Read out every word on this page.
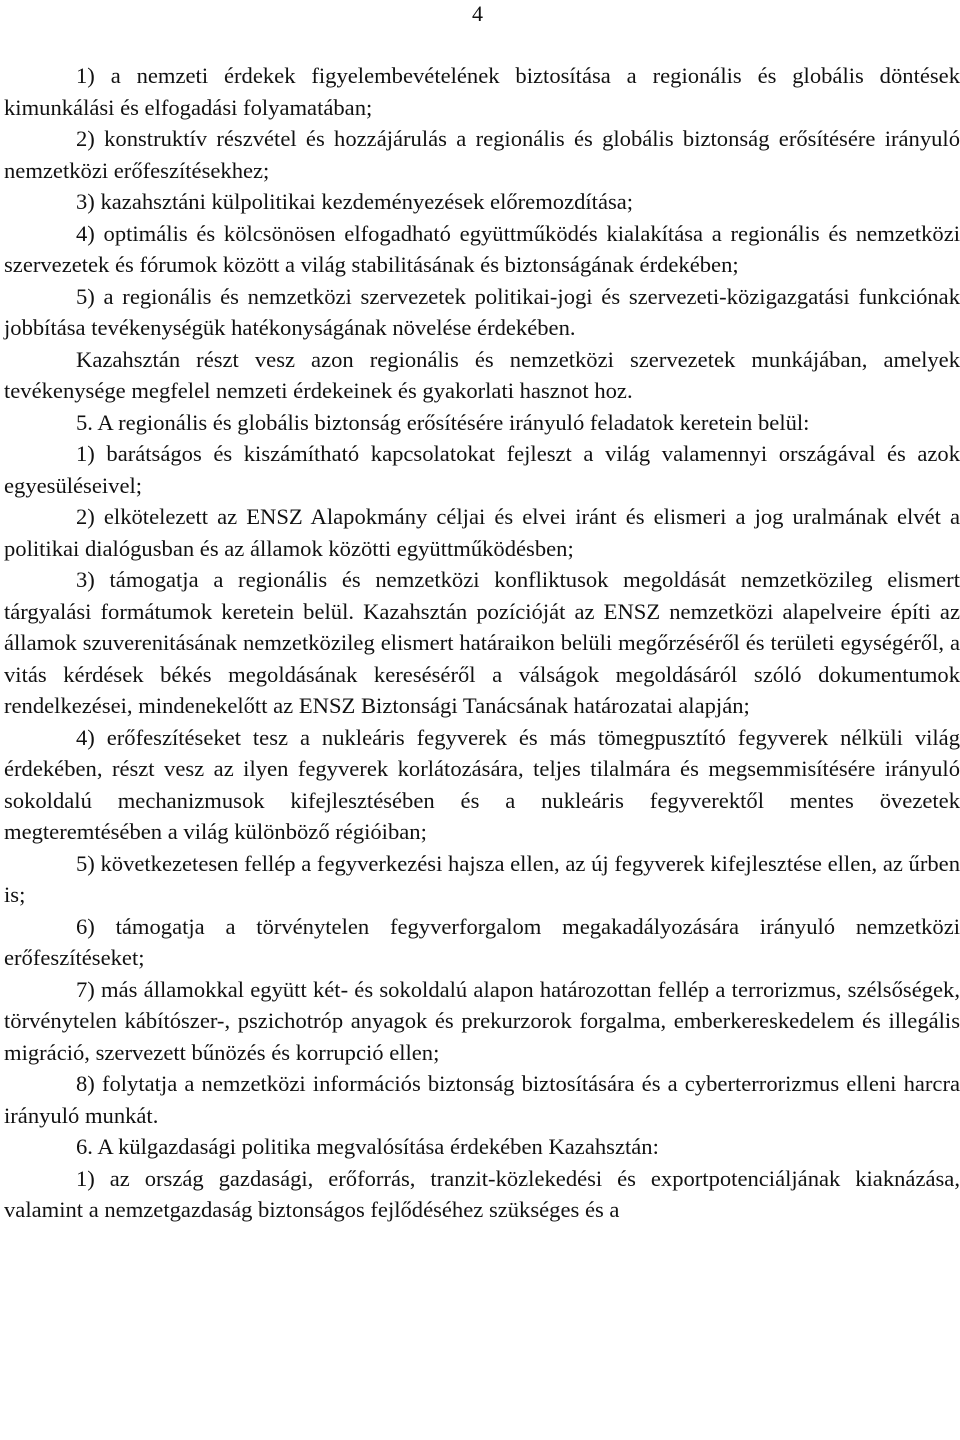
4

1) a nemzeti érdekek figyelembevételének biztosítása a regionális és globális döntések kimunkálási és elfogadási folyamatában;

2) konstruktív részvétel és hozzájárulás a regionális és globális biztonság erősítésére irányuló nemzetközi erőfeszítésekhez;

3) kazahsztáni külpolitikai kezdeményezések előremozdítása;

4) optimális és kölcsönösen elfogadható együttműködés kialakítása a regionális és nemzetközi szervezetek és fórumok között a világ stabilitásának és biztonságának érdekében;

5) a regionális és nemzetközi szervezetek politikai-jogi és szervezeti-közigazgatási funkciónak jobbítása tevékenységük hatékonyságának növelése érdekében.

Kazahsztán részt vesz azon regionális és nemzetközi szervezetek munkájában, amelyek tevékenysége megfelel nemzeti érdekeinek és gyakorlati hasznot hoz.

5. A regionális és globális biztonság erősítésére irányuló feladatok keretein belül:

1) barátságos és kiszámítható kapcsolatokat fejleszt a világ valamennyi országával és azok egyesüléseivel;

2) elkötelezett az ENSZ Alapokmány céljai és elvei iránt és elismeri a jog uralmának elvét a politikai dialógusban és az államok közötti együttműködésben;

3) támogatja a regionális és nemzetközi konfliktusok megoldását nemzetközileg elismert tárgyalási formátumok keretein belül. Kazahsztán pozícióját az ENSZ nemzetközi alapelveire építi az államok szuverenitásának nemzetközileg elismert határaikon belüli megőrzéséről és területi egységéről, a vitás kérdések békés megoldásának kereséséről a válságok megoldásáról szóló dokumentumok rendelkezései, mindenekelőtt az ENSZ Biztonsági Tanácsának határozatai alapján;

4) erőfeszítéseket tesz a nukleáris fegyverek és más tömegpusztító fegyverek nélküli világ érdekében, részt vesz az ilyen fegyverek korlátozására, teljes tilalmára és megsemmisítésére irányuló sokoldalú mechanizmusok kifejlesztésében és a nukleáris fegyverektől mentes övezetek megteremtésében a világ különböző régióiban;

5) következetesen fellép a fegyverkezési hajsza ellen, az új fegyverek kifejlesztése ellen, az űrben is;

6) támogatja a törvénytelen fegyverforgalom megakadályozására irányuló nemzetközi erőfeszítéseket;

7) más államokkal együtt két- és sokoldalú alapon határozottan fellép a terrorizmus, szélsőségek, törvénytelen kábítószer-, pszichotróp anyagok és prekurzorok forgalma, emberkereskedelem és illegális migráció, szervezett bűnözés és korrupció ellen;

8) folytatja a nemzetközi információs biztonság biztosítására és a cyberterrorizmus elleni harcra irányuló munkát.

6. A külgazdasági politika megvalósítása érdekében Kazahsztán:

1) az ország gazdasági, erőforrás, tranzit-közlekedési és exportpotenciáljának kiaknázása, valamint a nemzetgazdaság biztonságos fejlődéséhez szükséges és a
